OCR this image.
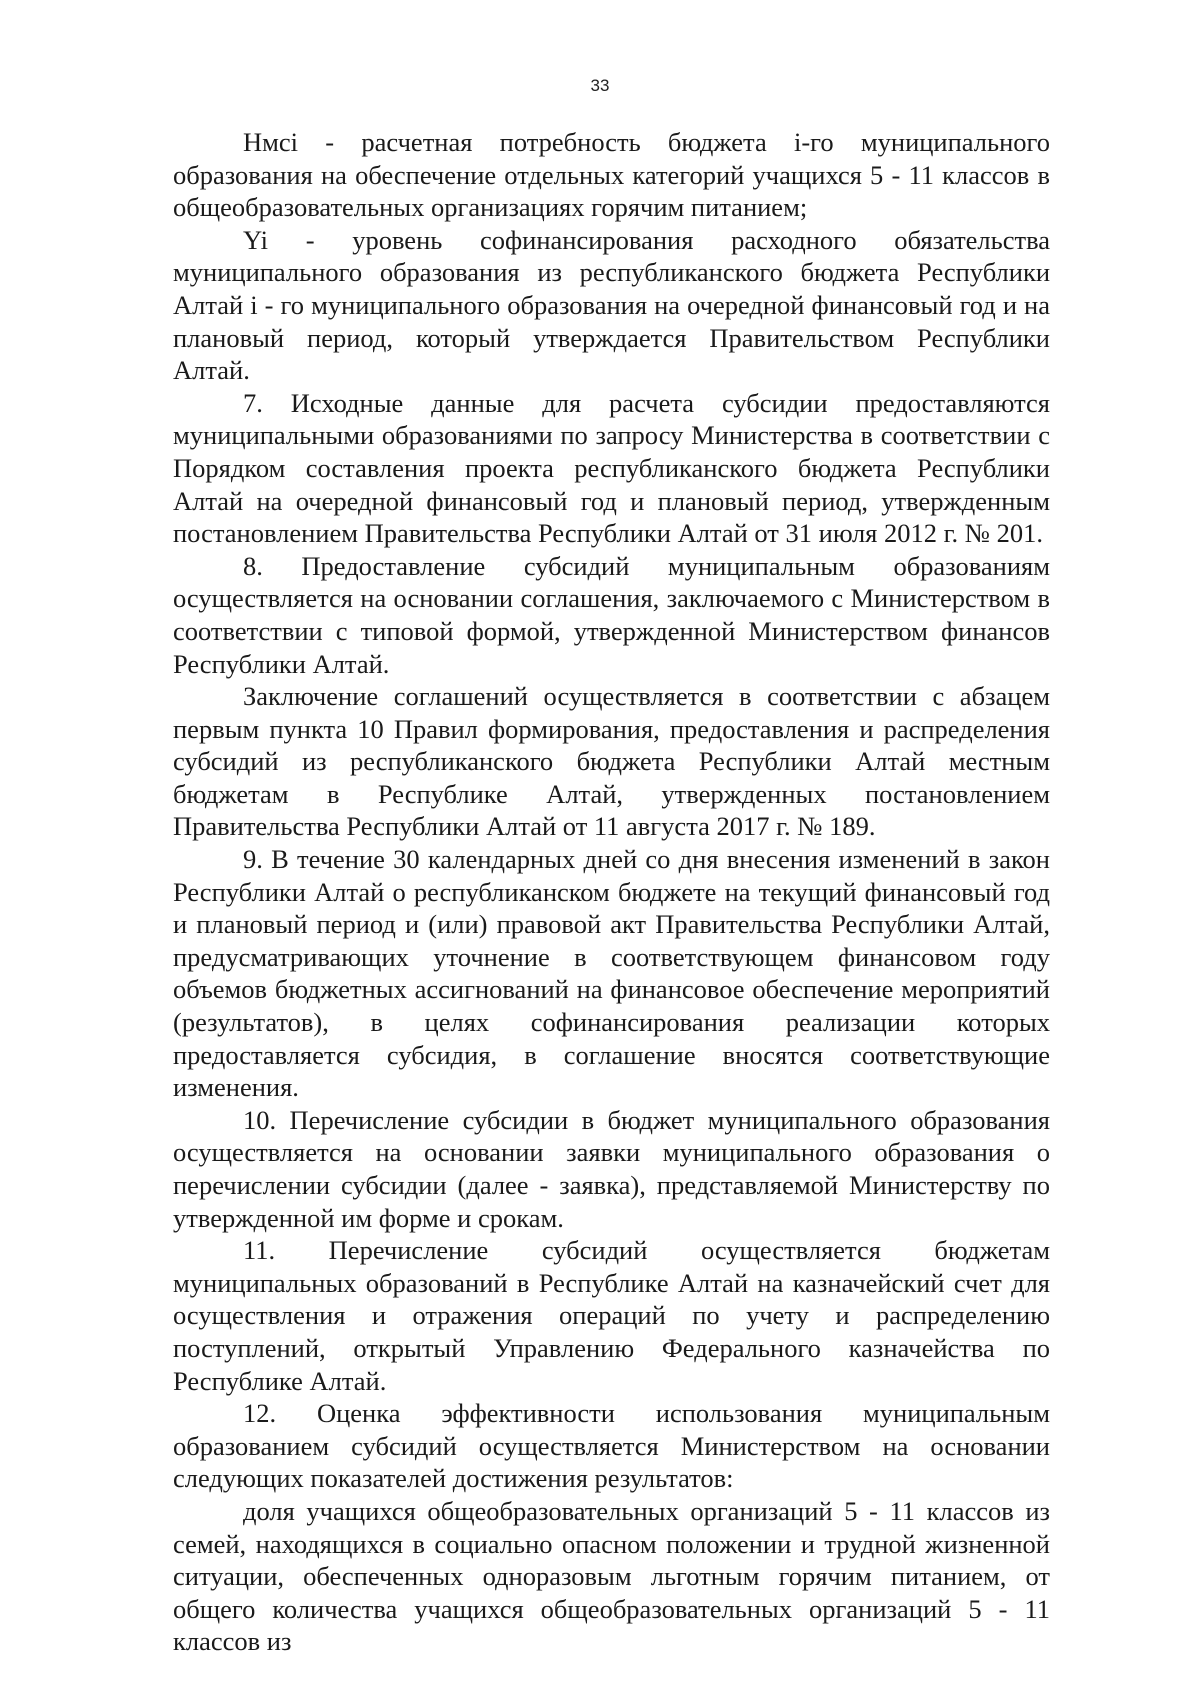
33

Нмсi - расчетная потребность бюджета i-го муниципального образования на обеспечение отдельных категорий учащихся 5 - 11 классов в общеобразовательных организациях горячим питанием;

Yi - уровень софинансирования расходного обязательства муниципального образования из республиканского бюджета Республики Алтай i - го муниципального образования на очередной финансовый год и на плановый период, который утверждается Правительством Республики Алтай.

7. Исходные данные для расчета субсидии предоставляются муниципальными образованиями по запросу Министерства в соответствии с Порядком составления проекта республиканского бюджета Республики Алтай на очередной финансовый год и плановый период, утвержденным постановлением Правительства Республики Алтай от 31 июля 2012 г. № 201.

8. Предоставление субсидий муниципальным образованиям осуществляется на основании соглашения, заключаемого с Министерством в соответствии с типовой формой, утвержденной Министерством финансов Республики Алтай.

Заключение соглашений осуществляется в соответствии с абзацем первым пункта 10 Правил формирования, предоставления и распределения субсидий из республиканского бюджета Республики Алтай местным бюджетам в Республике Алтай, утвержденных постановлением Правительства Республики Алтай от 11 августа 2017 г. № 189.

9. В течение 30 календарных дней со дня внесения изменений в закон Республики Алтай о республиканском бюджете на текущий финансовый год и плановый период и (или) правовой акт Правительства Республики Алтай, предусматривающих уточнение в соответствующем финансовом году объемов бюджетных ассигнований на финансовое обеспечение мероприятий (результатов), в целях софинансирования реализации которых предоставляется субсидия, в соглашение вносятся соответствующие изменения.

10. Перечисление субсидии в бюджет муниципального образования осуществляется на основании заявки муниципального образования о перечислении субсидии (далее - заявка), представляемой Министерству по утвержденной им форме и срокам.

11. Перечисление субсидий осуществляется бюджетам муниципальных образований в Республике Алтай на казначейский счет для осуществления и отражения операций по учету и распределению поступлений, открытый Управлению Федерального казначейства по Республике Алтай.

12. Оценка эффективности использования муниципальным образованием субсидий осуществляется Министерством на основании следующих показателей достижения результатов:

доля учащихся общеобразовательных организаций 5 - 11 классов из семей, находящихся в социально опасном положении и трудной жизненной ситуации, обеспеченных одноразовым льготным горячим питанием, от общего количества учащихся общеобразовательных организаций 5 - 11 классов из
